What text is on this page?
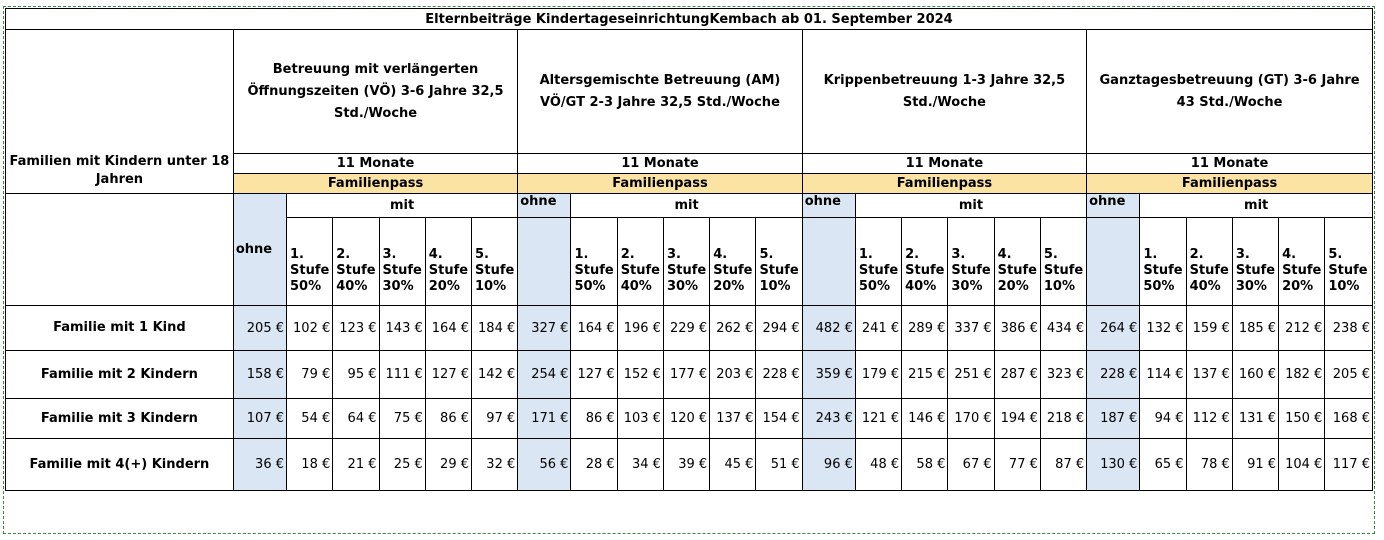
Elternbeiträge KindertageseinrichtungKembach ab 01. September 2024																								
Familien mit Kindern unter 18 Jahren	Betreuung mit verlängerten Öffnungszeiten (VÖ) 3-6 Jahre 32,5 Std./Woche						Altersgemischte Betreuung (AM) VÖ/GT 2-3 Jahre 32,5 Std./Woche						Krippenbetreuung 1-3 Jahre 32,5 Std./Woche						Ganztagesbetreuung (GT) 3-6 Jahre 43 Std./Woche					
	11 Monate						11 Monate						11 Monate						11 Monate					
	Familienpass						Familienpass						Familienpass						Familienpass					
	ohne	mit					ohne	mit					ohne	mit					ohne	mit				
		1.
Stufe
50%	2.
Stufe
40%	3.
Stufe
30%	4.
Stufe
20%	5.
Stufe
10%		1.
Stufe
50%	2.
Stufe
40%	3.
Stufe
30%	4.
Stufe
20%	5.
Stufe
10%		1.
Stufe
50%	2.
Stufe
40%	3.
Stufe
30%	4.
Stufe
20%	5.
Stufe
10%		1.
Stufe
50%	2.
Stufe
40%	3.
Stufe
30%	4.
Stufe
20%	5.
Stufe
10%
Familie mit 1 Kind	205 €	102 €	123 €	143 €	164 €	184 €	327 €	164 €	196 €	229 €	262 €	294 €	482 €	241 €	289 €	337 €	386 €	434 €	264 €	132 €	159 €	185 €	212 €	238 €
Familie mit 2 Kindern	158 €	79 €	95 €	111 €	127 €	142 €	254 €	127 €	152 €	177 €	203 €	228 €	359 €	179 €	215 €	251 €	287 €	323 €	228 €	114 €	137 €	160 €	182 €	205 €
Familie mit 3 Kindern	107 €	54 €	64 €	75 €	86 €	97 €	171 €	86 €	103 €	120 €	137 €	154 €	243 €	121 €	146 €	170 €	194 €	218 €	187 €	94 €	112 €	131 €	150 €	168 €
Familie mit 4(+) Kindern	36 €	18 €	21 €	25 €	29 €	32 €	56 €	28 €	34 €	39 €	45 €	51 €	96 €	48 €	58 €	67 €	77 €	87 €	130 €	65 €	78 €	91 €	104 €	117 €
